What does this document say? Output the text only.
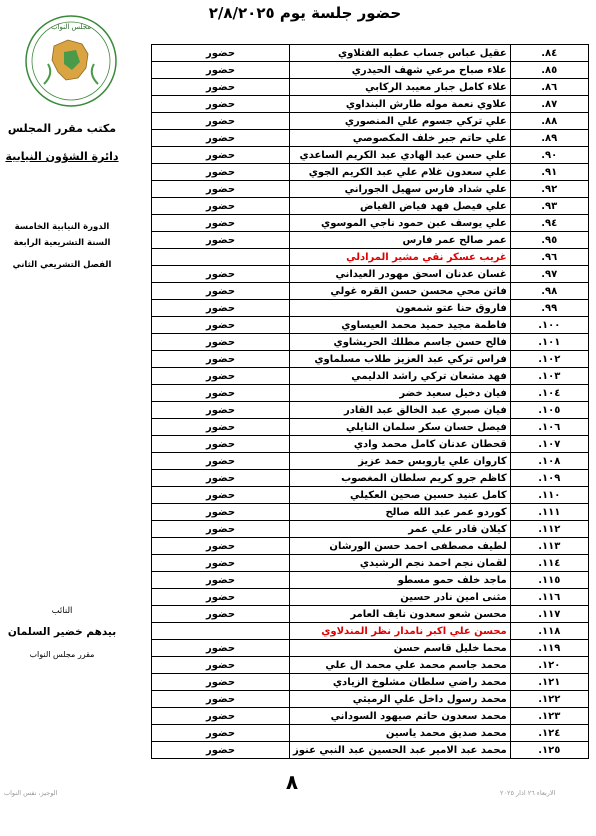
حضور جلسة يوم ٢/٨/٢٠٢٥
مجلس النواب
مكتب مقرر المجلس
دائرة الشؤون النيابية
الدورة النيابية الخامسة
السنة التشريعية الرابعة
الفصل التشريعي الثاني
النائب
بيدهم خضير السلمان
مقرر مجلس النواب
٨٤.	عقيل عباس جساب عطيه الفتلاوي	حضور
٨٥.	علاء صباح مرعي شهف الحيدري	حضور
٨٦.	علاء كامل جبار معيبد الركابي	حضور
٨٧.	علاوي نعمة موله طارش البنداوي	حضور
٨٨.	علي تركي جسوم علي المنصوري	حضور
٨٩.	علي حاتم جبر خلف المكصوصي	حضور
٩٠.	علي حسن عبد الهادي عبد الكريم الساعدي	حضور
٩١.	علي سعدون غلام علي عبد الكريم الجوي	حضور
٩٢.	علي شداد فارس سهيل الجوراني	حضور
٩٣.	علي فيصل فهد فياض الفياض	حضور
٩٤.	علي يوسف عبن حمود ناجي الموسوي	حضور
٩٥.	عمر صالح عمر فارس	حضور
٩٦.	غريب عسكر نقي مشير المرادلي	
٩٧.	غسان عدنان اسحق مهودر العيداني	حضور
٩٨.	فاتن محي محسن حسن القره غولي	حضور
٩٩.	فاروق حنا عتو شمعون	حضور
١٠٠.	فاطمة مجيد حميد محمد العيساوي	حضور
١٠١.	فالح حسن جاسم مطلك الحريشاوي	حضور
١٠٢.	فراس تركي عبد العزيز طلاب مسلماوي	حضور
١٠٣.	فهد مشعان تركي راشد الدليمي	حضور
١٠٤.	فيان دخيل سعيد خضر	حضور
١٠٥.	فيان صبري عبد الخالق عبد القادر	حضور
١٠٦.	فيصل حسان سكر سلمان النايلي	حضور
١٠٧.	قحطان عدنان كامل محمد وادي	حضور
١٠٨.	كاروان علي ياروبس حمد عزيز	حضور
١٠٩.	كاظم جرو كريم سلطان المغصوب	حضور
١١٠.	كامل عنيد حسين صحين العكيلي	حضور
١١١.	كوردو عمر عبد الله صالح	حضور
١١٢.	كيلان قادر علي عمر	حضور
١١٣.	لطيف مصطفى احمد حسن الورشان	حضور
١١٤.	لقمان نجم احمد نجم الرشيدي	حضور
١١٥.	ماجد خلف حمو مسطو	حضور
١١٦.	مثنى امين نادر حسين	حضور
١١٧.	محسن شعو سعدون نايف العامر	حضور
١١٨.	محسن علي اكبر نامدار نظر المندلاوي	
١١٩.	محما خليل قاسم حسن	حضور
١٢٠.	محمد جاسم محمد علي محمد ال علي	حضور
١٢١.	محمد راضي سلطان مشلوخ الزيادي	حضور
١٢٢.	محمد رسول داخل علي الرميثي	حضور
١٢٣.	محمد سعدون حاتم صيهود السوداني	حضور
١٢٤.	محمد صديق محمد ياسين	حضور
١٢٥.	محمد عبد الامير عبد الحسين عبد النبي عنوز	حضور
٨	الاربعاء ٢٦ اذار ٢٠٢٥
الوجيز، نفس النواب
